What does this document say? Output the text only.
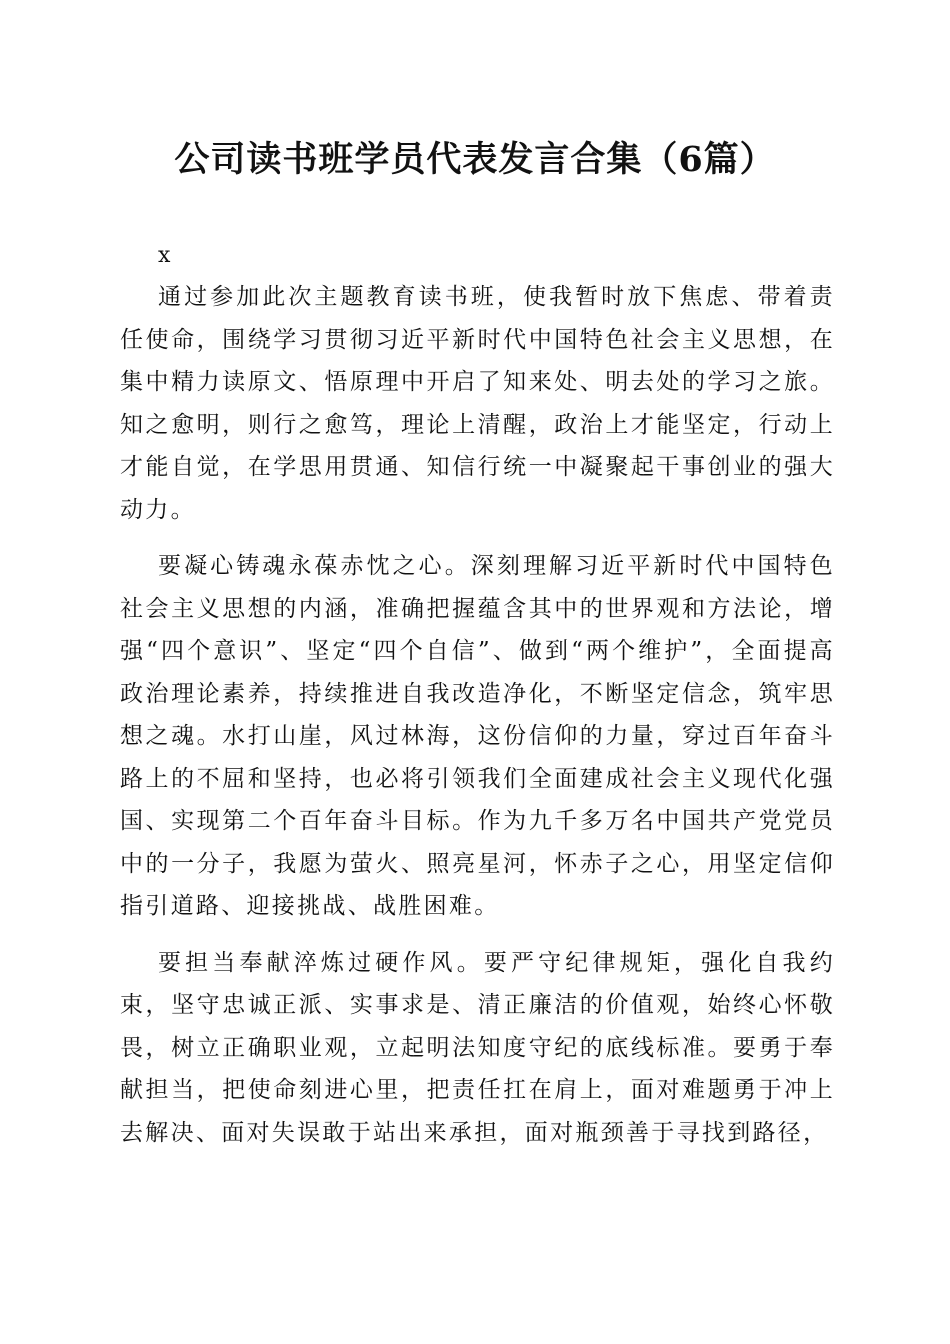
公司读书班学员代表发言合集（6篇）

x

通过参加此次主题教育读书班，使我暂时放下焦虑、带着责任使命，围绕学习贯彻习近平新时代中国特色社会主义思想，在集中精力读原文、悟原理中开启了知来处、明去处的学习之旅。知之愈明，则行之愈笃，理论上清醒，政治上才能坚定，行动上才能自觉，在学思用贯通、知信行统一中凝聚起干事创业的强大动力。

要凝心铸魂永葆赤忱之心。深刻理解习近平新时代中国特色社会主义思想的内涵，准确把握蕴含其中的世界观和方法论，增强“四个意识”、坚定“四个自信”、做到“两个维护”，全面提高政治理论素养，持续推进自我改造净化，不断坚定信念，筑牢思想之魂。水打山崖，风过林海，这份信仰的力量，穿过百年奋斗路上的不屈和坚持，也必将引领我们全面建成社会主义现代化强国、实现第二个百年奋斗目标。作为九千多万名中国共产党党员中的一分子，我愿为萤火、照亮星河，怀赤子之心，用坚定信仰指引道路、迎接挑战、战胜困难。

要担当奉献淬炼过硬作风。要严守纪律规矩，强化自我约束，坚守忠诚正派、实事求是、清正廉洁的价值观，始终心怀敬畏，树立正确职业观，立起明法知度守纪的底线标准。要勇于奉献担当，把使命刻进心里，把责任扛在肩上，面对难题勇于冲上去解决、面对失误敢于站出来承担，面对瓶颈善于寻找到路径，
